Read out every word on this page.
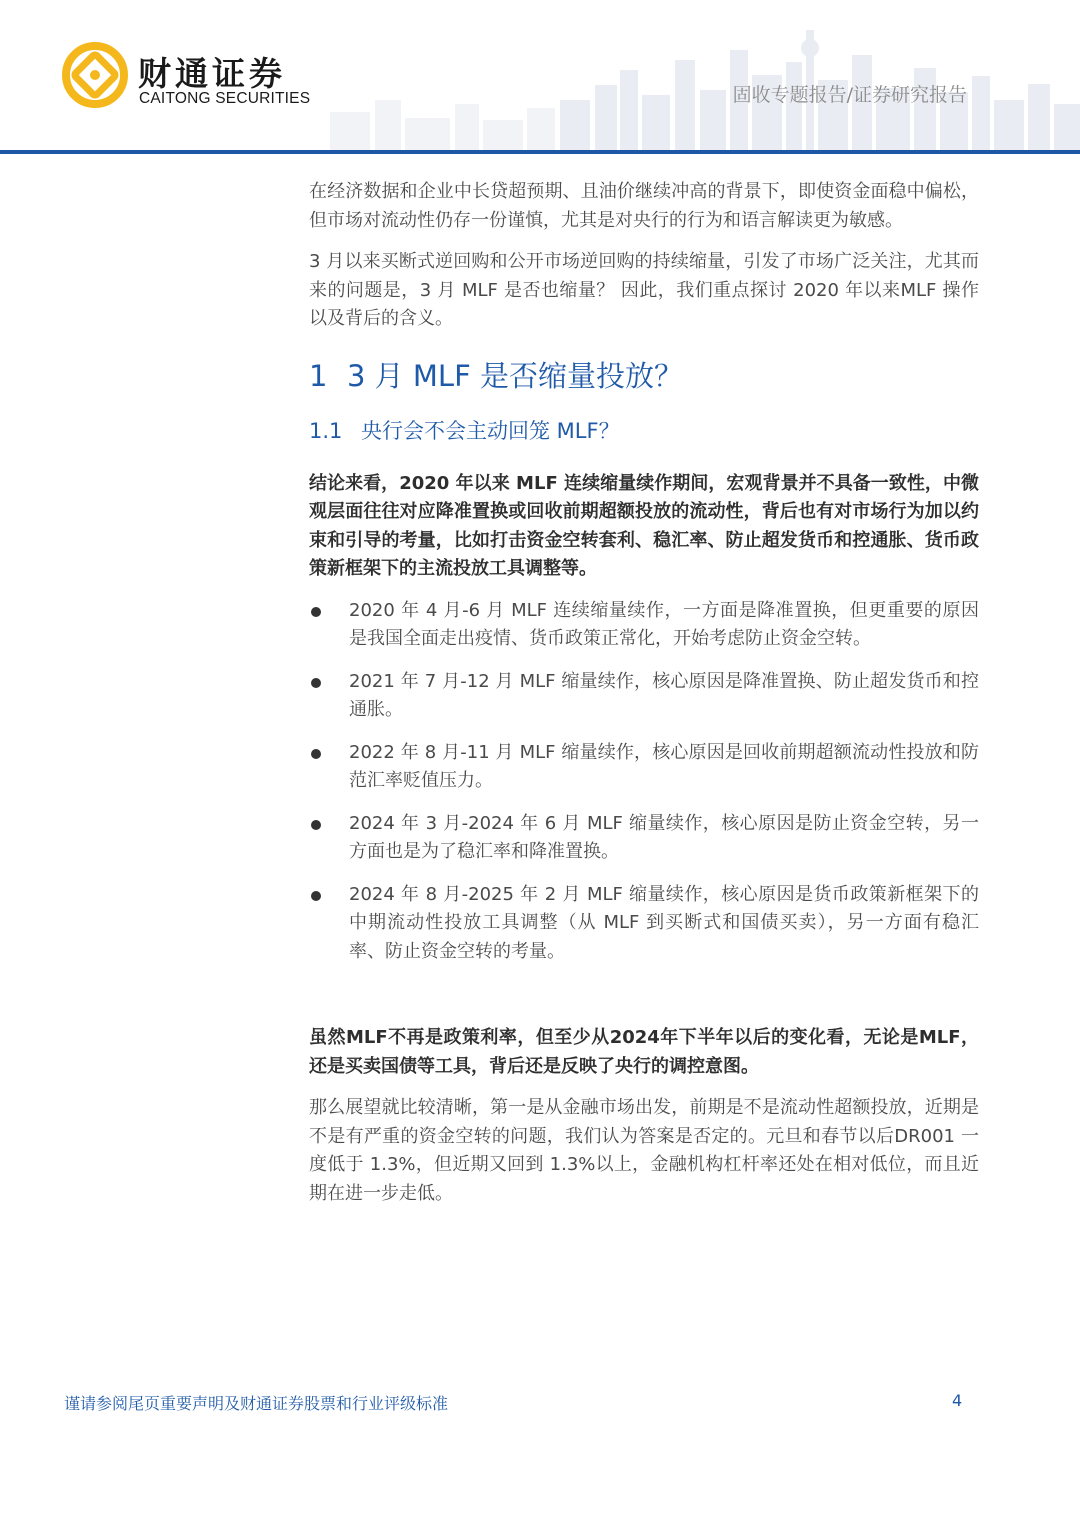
财通证券
CAITONG SECURITIES	固收专题报告/证券研究报告

在经济数据和企业中长贷超预期、且油价继续冲高的背景下，即使资金面稳中偏松，但市场对流动性仍存一份谨慎，尤其是对央行的行为和语言解读更为敏感。

3 月以来买断式逆回购和公开市场逆回购的持续缩量，引发了市场广泛关注，尤其而来的问题是，3 月 MLF 是否也缩量？ 因此，我们重点探讨 2020 年以来MLF 操作以及背后的含义。

1 3 月 MLF 是否缩量投放？
1.1 央行会不会主动回笼 MLF？

结论来看，2020 年以来 MLF 连续缩量续作期间，宏观背景并不具备一致性，中微观层面往往对应降准置换或回收前期超额投放的流动性，背后也有对市场行为加以约束和引导的考量，比如打击资金空转套利、稳汇率、防止超发货币和控通胀、货币政策新框架下的主流投放工具调整等。

2020 年 4 月-6 月 MLF 连续缩量续作，一方面是降准置换，但更重要的原因是我国全面走出疫情、货币政策正常化，开始考虑防止资金空转。
2021 年 7 月-12 月 MLF 缩量续作，核心原因是降准置换、防止超发货币和控通胀。
2022 年 8 月-11 月 MLF 缩量续作，核心原因是回收前期超额流动性投放和防范汇率贬值压力。
2024 年 3 月-2024 年 6 月 MLF 缩量续作，核心原因是防止资金空转，另一方面也是为了稳汇率和降准置换。
2024 年 8 月-2025 年 2 月 MLF 缩量续作，核心原因是货币政策新框架下的中期流动性投放工具调整（从 MLF 到买断式和国债买卖），另一方面有稳汇率、防止资金空转的考量。

虽然MLF不再是政策利率，但至少从2024年下半年以后的变化看，无论是MLF，还是买卖国债等工具，背后还是反映了央行的调控意图。

那么展望就比较清晰，第一是从金融市场出发，前期是不是流动性超额投放，近期是不是有严重的资金空转的问题，我们认为答案是否定的。元旦和春节以后DR001 一度低于 1.3%，但近期又回到 1.3%以上，金融机构杠杆率还处在相对低位，而且近期在进一步走低。

谨请参阅尾页重要声明及财通证券股票和行业评级标准	4
